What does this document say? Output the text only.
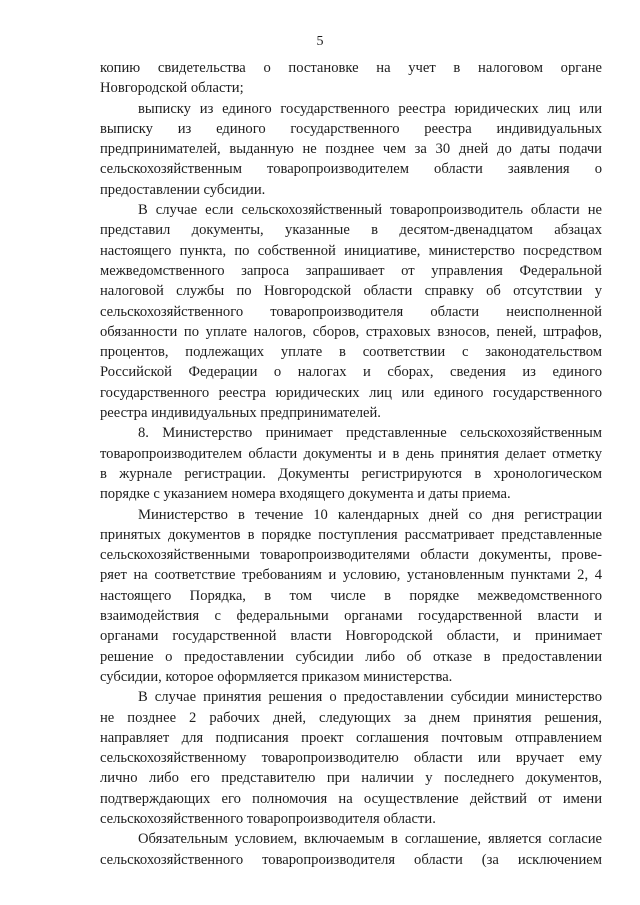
5
копию свидетельства о постановке на учет в налоговом органе
Новгородской области;
выписку из единого государственного реестра юридических лиц или
выписку из единого государственного реестра индивидуальных
предпринимателей, выданную не позднее чем за 30 дней до даты подачи
сельскохозяйственным товаропроизводителем области заявления о
предоставлении субсидии.
В случае если сельскохозяйственный товаропроизводитель области не
представил документы, указанные в десятом-двенадцатом абзацах
настоящего пункта, по собственной инициативе, министерство посредством
межведомственного запроса запрашивает от управления Федеральной
налоговой службы по Новгородской области справку об отсутствии у
сельскохозяйственного товаропроизводителя области неисполненной
обязанности по уплате налогов, сборов, страховых взносов, пеней, штрафов,
процентов, подлежащих уплате в соответствии с законодательством
Российской Федерации о налогах и сборах, сведения из единого
государственного реестра юридических лиц или единого государственного
реестра индивидуальных предпринимателей.
8. Министерство принимает представленные сельскохозяйственным
товаропроизводителем области документы и в день принятия делает отметку
в журнале регистрации. Документы регистрируются в хронологическом
порядке с указанием номера входящего документа и даты приема.
Министерство в течение 10 календарных дней со дня регистрации
принятых документов в порядке поступления рассматривает представленные
сельскохозяйственными товаропроизводителями области документы, прове-
ряет на соответствие требованиям и условию, установленным пунктами 2, 4
настоящего Порядка, в том числе в порядке межведомственного
взаимодействия с федеральными органами государственной власти и
органами государственной власти Новгородской области, и принимает
решение о предоставлении субсидии либо об отказе в предоставлении
субсидии, которое оформляется приказом министерства.
В случае принятия решения о предоставлении субсидии министерство
не позднее 2 рабочих дней, следующих за днем принятия решения,
направляет для подписания проект соглашения почтовым отправлением
сельскохозяйственному товаропроизводителю области или вручает ему
лично либо его представителю при наличии у последнего документов,
подтверждающих его полномочия на осуществление действий от имени
сельскохозяйственного товаропроизводителя области.
Обязательным условием, включаемым в соглашение, является согласие
сельскохозяйственного товаропроизводителя области (за исключением
